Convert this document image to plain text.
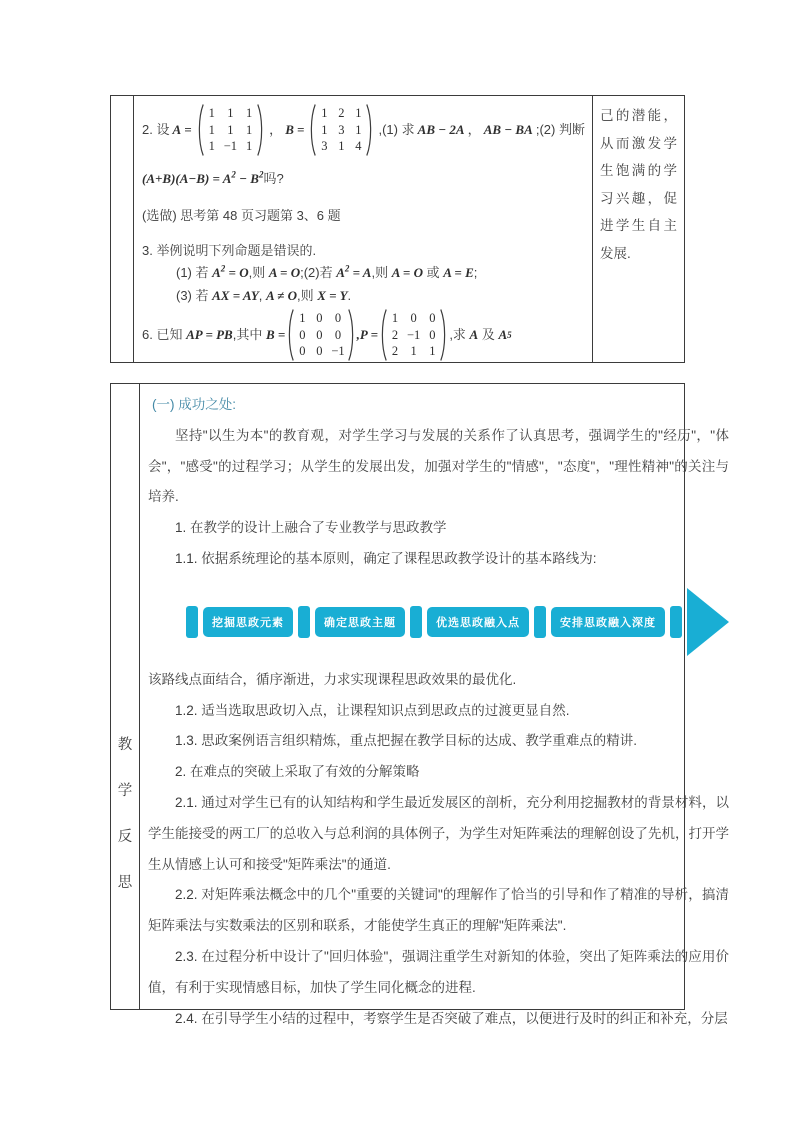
2. 设 A =
1 1 1
1 1 1
1 −1 1
， B =
1 2 1
1 3 1
3 1 4
,(1) 求 AB − 2A ， AB − BA ;(2) 判断
$(A+B)(A-B) = A^2 - B^2$吗?
(选做) 思考第 48 页习题第 3、6 题
3. 举例说明下列命题是错误的.
(1) 若 $A^2 = O$,则 A = O;(2)若 $A^2 = A$,则 A = O 或 A = E;
(3) 若 AX = AY, A ≠ O,则 X = Y.
6. 已知 AP = PB ,其中 B =
1 0 0
0 0 0
0 0 −1
,P =
1 0 0
2 −1 0
2 1 1
,求 A 及 A 5

己的潜能，从而激发学生饱满的学习兴趣，促进学生自主发展.

教学反思

(一) 成功之处:

坚持"以生为本"的教育观，对学生学习与发展的关系作了认真思考，强调学生的"经历"，"体会"，"感受"的过程学习；从学生的发展出发，加强对学生的"情感"，"态度"，"理性精神"的关注与培养.

1. 在教学的设计上融合了专业教学与思政教学

1.1. 依据系统理论的基本原则，确定了课程思政教学设计的基本路线为:

挖掘思政元素	确定思政主题	优选思政融入点	安排思政融入深度

该路线点面结合，循序渐进，力求实现课程思政效果的最优化.

1.2. 适当选取思政切入点，让课程知识点到思政点的过渡更显自然.

1.3. 思政案例语言组织精炼，重点把握在教学目标的达成、教学重难点的精讲.

2. 在难点的突破上采取了有效的分解策略

2.1. 通过对学生已有的认知结构和学生最近发展区的剖析，充分利用挖掘教材的背景材料，以学生能接受的两工厂的总收入与总利润的具体例子，为学生对矩阵乘法的理解创设了先机，打开学生从情感上认可和接受"矩阵乘法"的通道.

2.2. 对矩阵乘法概念中的几个"重要的关键词"的理解作了恰当的引导和作了精准的导析，搞清矩阵乘法与实数乘法的区别和联系，才能使学生真正的理解"矩阵乘法".

2.3. 在过程分析中设计了"回归体验"，强调注重学生对新知的体验，突出了矩阵乘法的应用价值，有利于实现情感目标，加快了学生同化概念的进程.

2.4. 在引导学生小结的过程中，考察学生是否突破了难点，以便进行及时的纠正和补充，分层
